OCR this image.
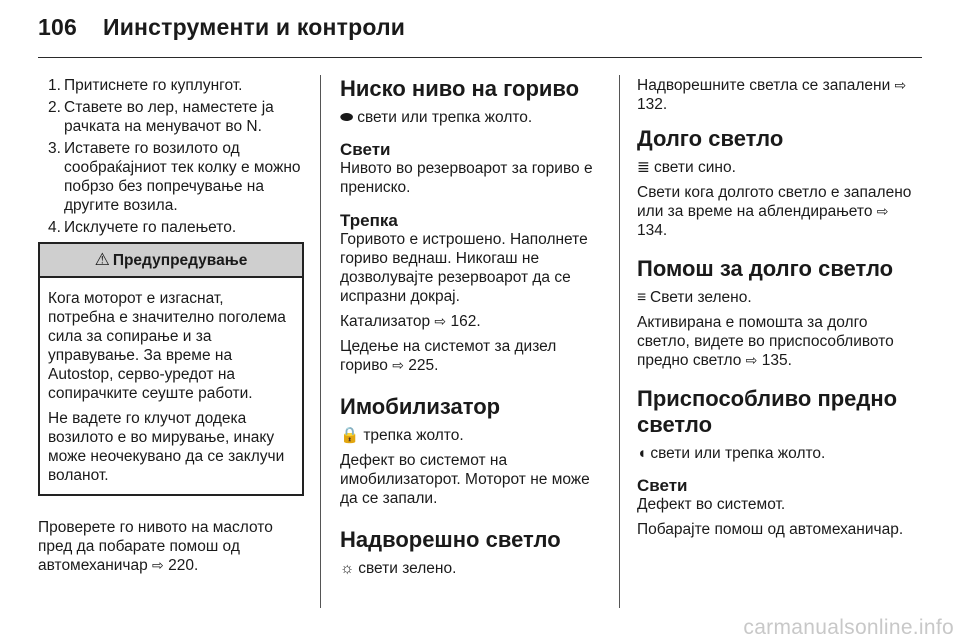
106 Иинструменти и контроли
1. Притиснете го куплунгот.
2. Ставете во лер, наместете ја рачката на менувачот во N.
3. Иставете го возилото од сообраќајниот тек колку е можно побрзо без попречување на другите возила.
4. Исклучете го палењето.
⚠ Предупредување

Кога моторот е изгаснат, потребна е значително поголема сила за сопирање и за управување. За време на Autostop, серво-уредот на сопирачките сеуште работи.

Не вадете го клучот додека возилото е во мирување, инаку може неочекувано да се заклучи воланот.

Проверете го нивото на маслото пред да побарате помош од автомеханичар ⇨ 220.

Ниско ниво на гориво

⬬ свети или трепка жолто.

Свети

Нивото во резервоарот за гориво е прениско.

Трепка

Горивото е истрошено. Наполнете гориво веднаш. Никогаш не дозволувајте резервоарот да се испразни докрај.

Катализатор ⇨ 162.

Цедење на системот за дизел гориво ⇨ 225.

Имобилизатор

🔒 трепка жолто.

Дефект во системот на имобилизаторот. Моторот не може да се запали.

Надворешно светло

☼ свети зелено.

Надворешните светла се запалени ⇨ 132.

Долго светло

≣ свети сино.

Свети кога долгото светло е запалено или за време на аблендирањето ⇨ 134.

Помош за долго светло

≡ Свети зелено.

Активирана е помошта за долго светло, видете во приспособливото предно светло ⇨ 135.

Приспособливо предно светло

◖ свети или трепка жолто.

Свети

Дефект во системот.

Побарајте помош од автомеханичар.

carmanualsonline.info
